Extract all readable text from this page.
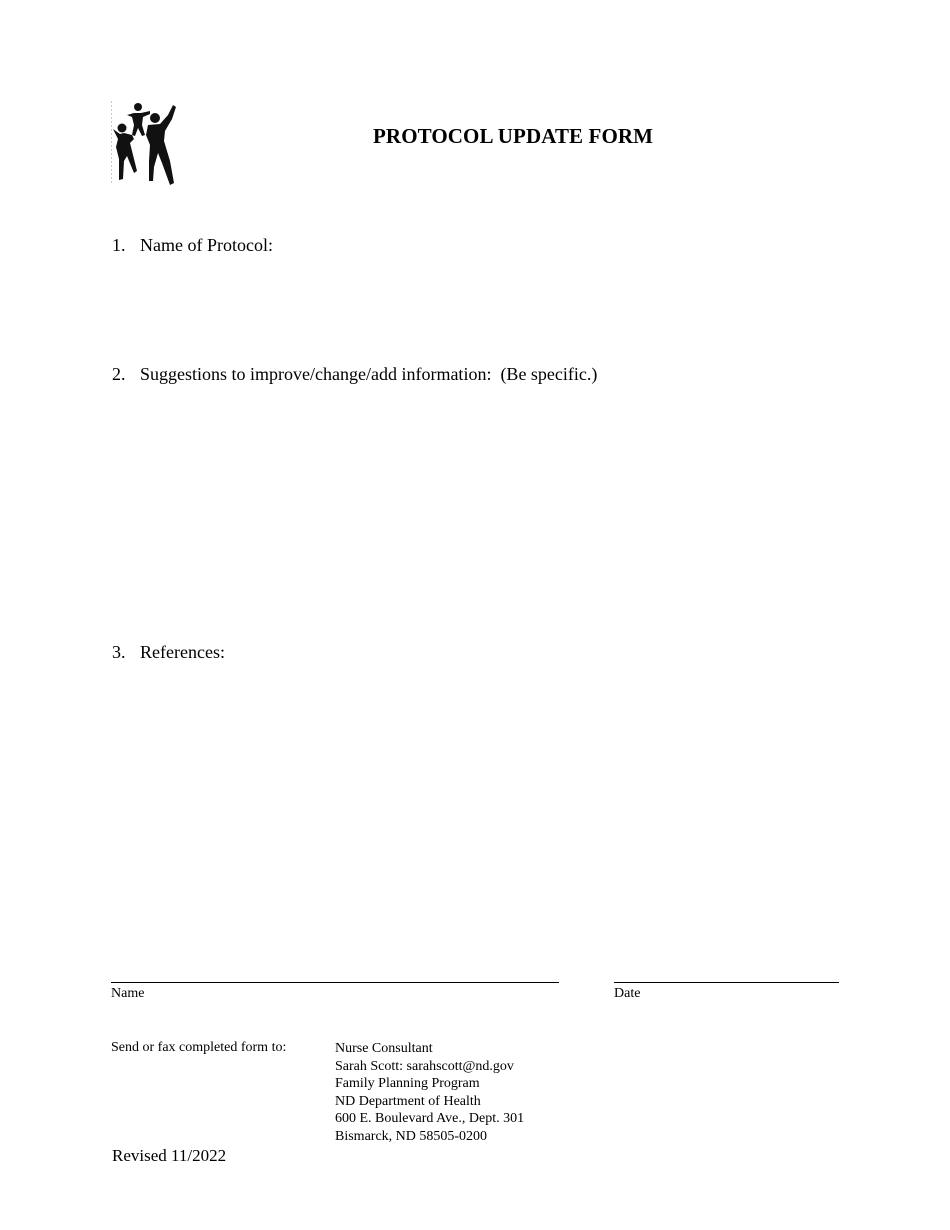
PROTOCOL UPDATE FORM
1. Name of Protocol:
2. Suggestions to improve/change/add information:  (Be specific.)
3. References:
Name	Date
Send or fax completed form to:	Nurse Consultant
Sarah Scott: sarahscott@nd.gov
Family Planning Program
ND Department of Health
600 E. Boulevard Ave., Dept. 301
Bismarck, ND 58505-0200
Revised 11/2022
